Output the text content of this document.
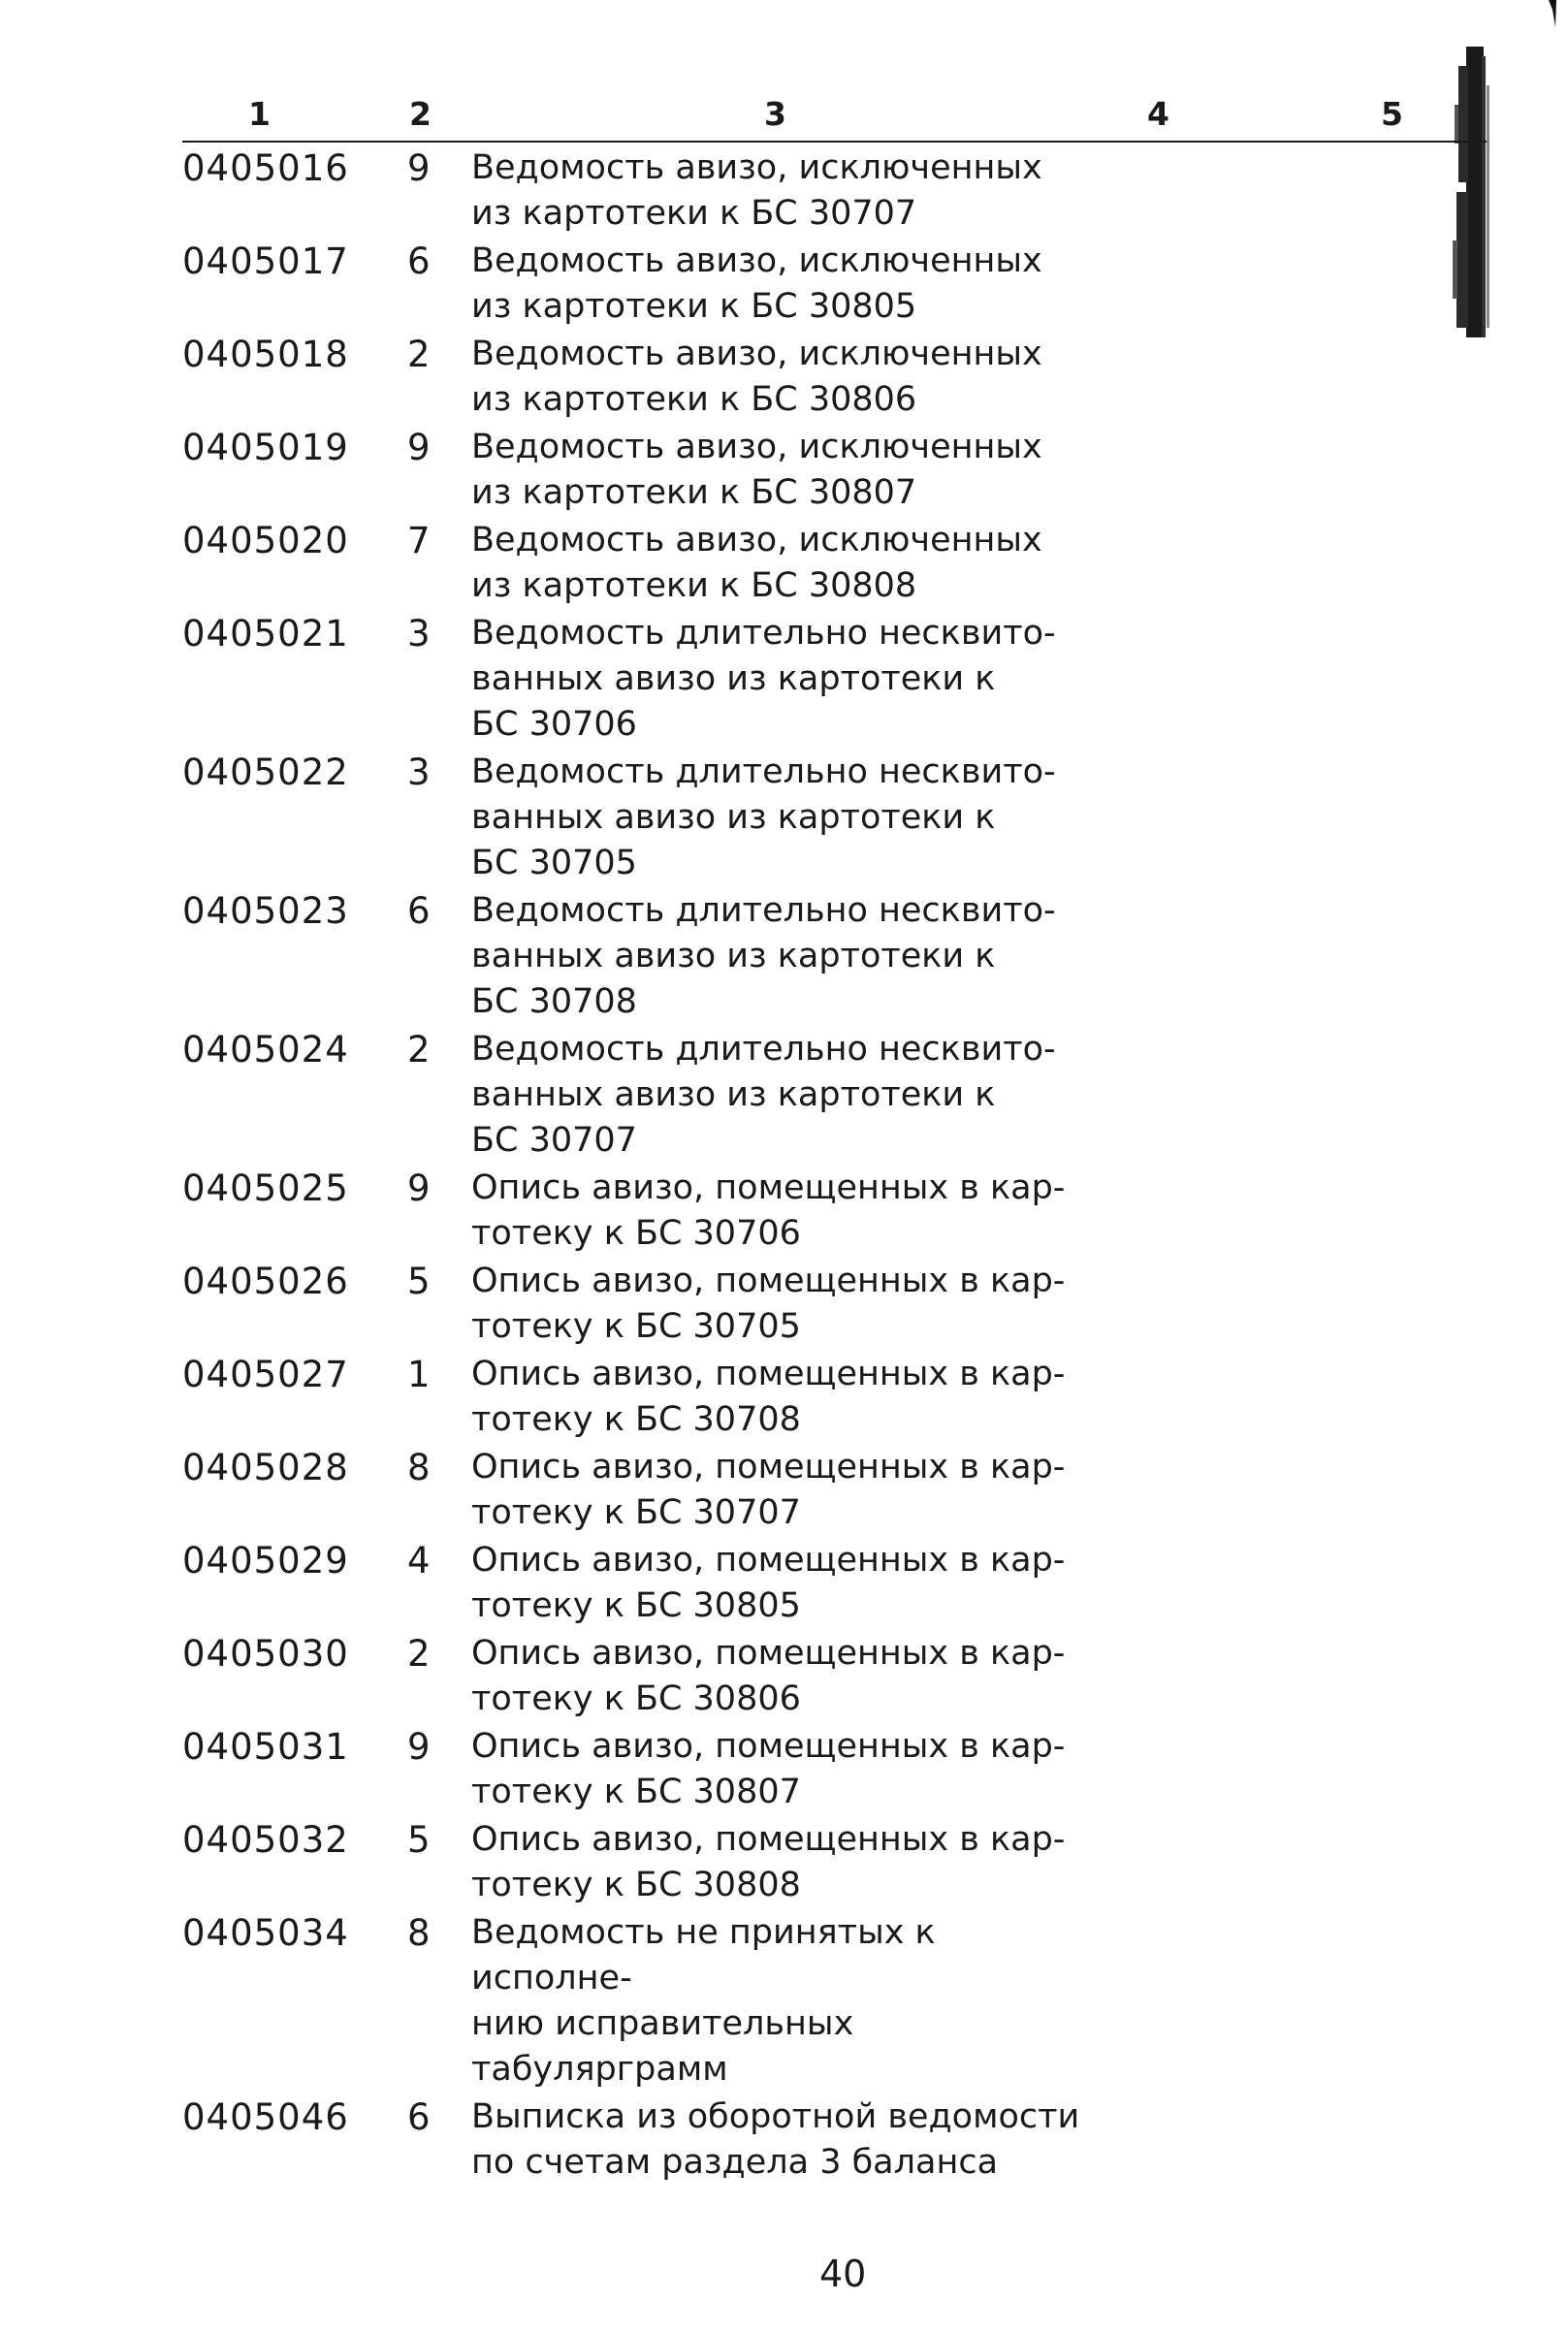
1	2	3	4	5
0405016 9 Ведомость авизо, исключенных
из картотеки к БС 30707
0405017 6 Ведомость авизо, исключенных
из картотеки к БС 30805
0405018 2 Ведомость авизо, исключенных
из картотеки к БС 30806
0405019 9 Ведомость авизо, исключенных
из картотеки к БС 30807
0405020 7 Ведомость авизо, исключенных
из картотеки к БС 30808
0405021 3 Ведомость длительно несквито-
ванных авизо из картотеки к
БС 30706
0405022 3 Ведомость длительно несквито-
ванных авизо из картотеки к
БС 30705
0405023 6 Ведомость длительно несквито-
ванных авизо из картотеки к
БС 30708
0405024 2 Ведомость длительно несквито-
ванных авизо из картотеки к
БС 30707
0405025 9 Опись авизо, помещенных в кар-
тотеку к БС 30706
0405026 5 Опись авизо, помещенных в кар-
тотеку к БС 30705
0405027 1 Опись авизо, помещенных в кар-
тотеку к БС 30708
0405028 8 Опись авизо, помещенных в кар-
тотеку к БС 30707
0405029 4 Опись авизо, помещенных в кар-
тотеку к БС 30805
0405030 2 Опись авизо, помещенных в кар-
тотеку к БС 30806
0405031 9 Опись авизо, помещенных в кар-
тотеку к БС 30807
0405032 5 Опись авизо, помещенных в кар-
тотеку к БС 30808
0405034 8 Ведомость не принятых к исполне-
нию исправительных табулярграмм
0405046 6 Выписка из оборотной ведомости
по счетам раздела 3 баланса
40
